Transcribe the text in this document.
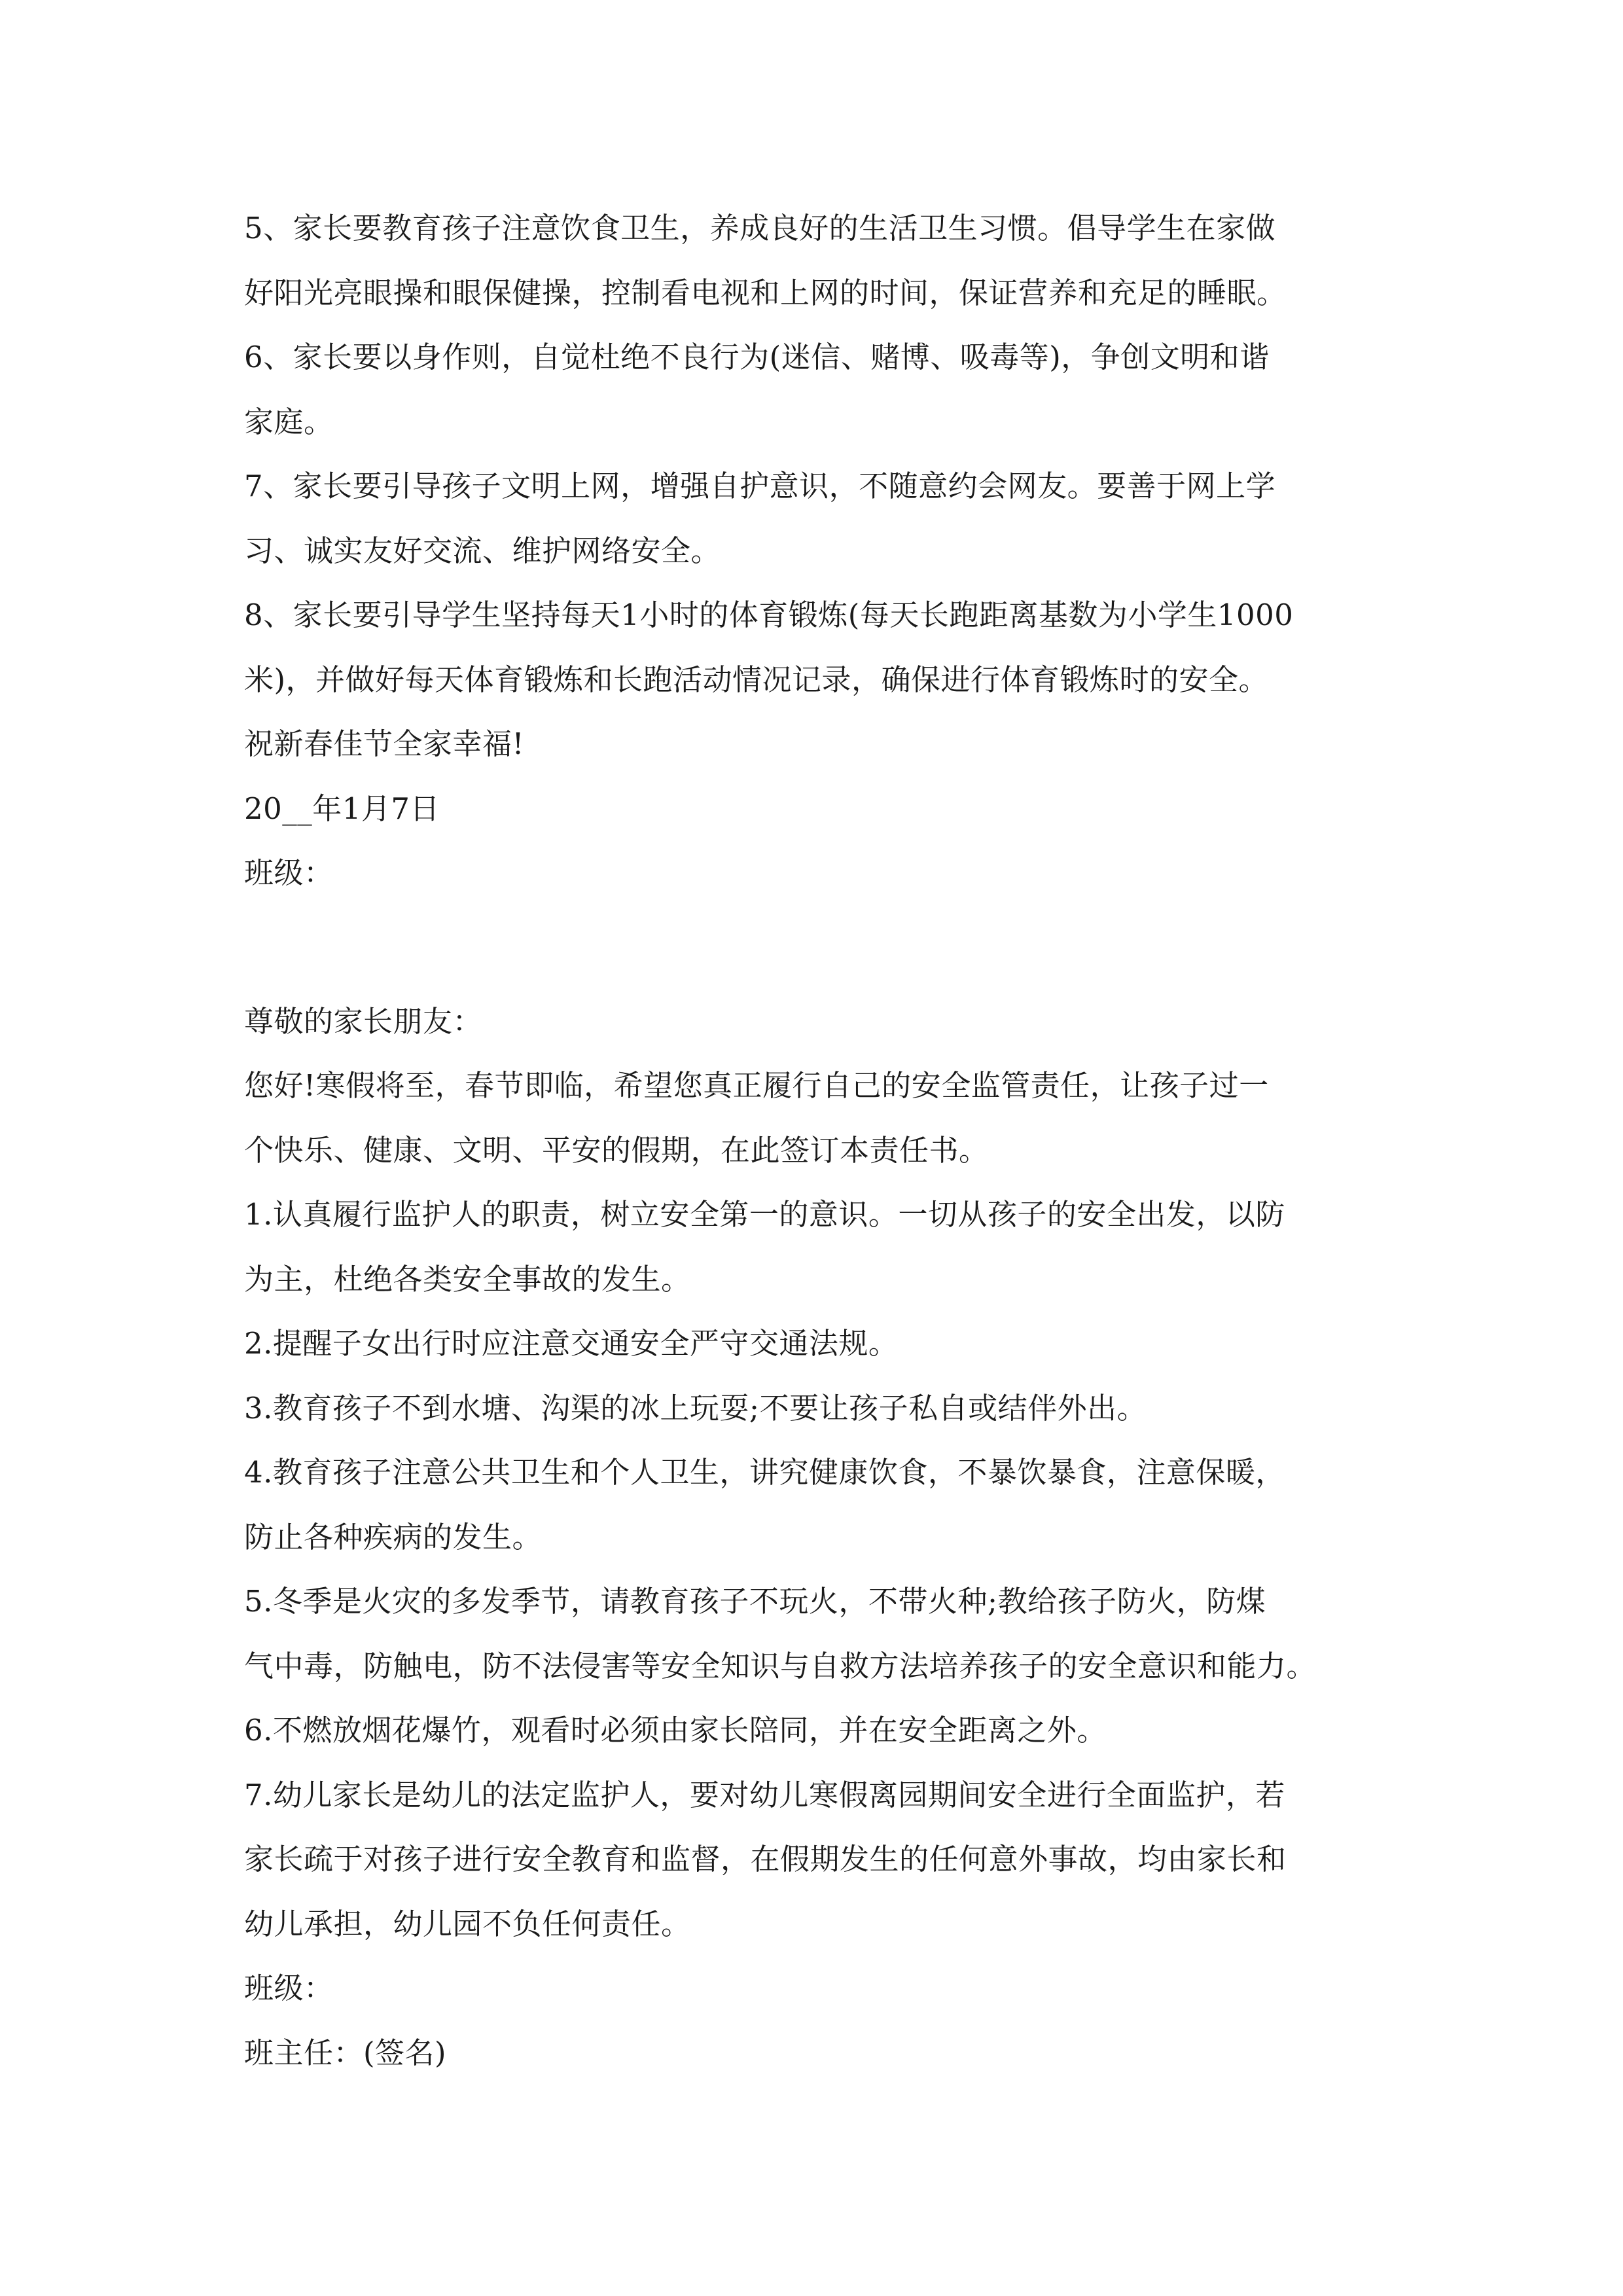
5、家长要教育孩子注意饮食卫生，养成良好的生活卫生习惯。倡导学生在家做
好阳光亮眼操和眼保健操，控制看电视和上网的时间，保证营养和充足的睡眠。
6、家长要以身作则，自觉杜绝不良行为(迷信、赌博、吸毒等)，争创文明和谐
家庭。
7、家长要引导孩子文明上网，增强自护意识，不随意约会网友。要善于网上学
习、诚实友好交流、维护网络安全。
8、家长要引导学生坚持每天1小时的体育锻炼(每天长跑距离基数为小学生1000
米)，并做好每天体育锻炼和长跑活动情况记录，确保进行体育锻炼时的安全。
祝新春佳节全家幸福!
20__年1月7日
班级：
尊敬的家长朋友：
您好!寒假将至，春节即临，希望您真正履行自己的安全监管责任，让孩子过一
个快乐、健康、文明、平安的假期，在此签订本责任书。
1.认真履行监护人的职责，树立安全第一的意识。一切从孩子的安全出发，以防
为主，杜绝各类安全事故的发生。
2.提醒子女出行时应注意交通安全严守交通法规。
3.教育孩子不到水塘、沟渠的冰上玩耍;不要让孩子私自或结伴外出。
4.教育孩子注意公共卫生和个人卫生，讲究健康饮食，不暴饮暴食，注意保暖，
防止各种疾病的发生。
5.冬季是火灾的多发季节，请教育孩子不玩火，不带火种;教给孩子防火，防煤
气中毒，防触电，防不法侵害等安全知识与自救方法培养孩子的安全意识和能力。
6.不燃放烟花爆竹，观看时必须由家长陪同，并在安全距离之外。
7.幼儿家长是幼儿的法定监护人，要对幼儿寒假离园期间安全进行全面监护，若
家长疏于对孩子进行安全教育和监督，在假期发生的任何意外事故，均由家长和
幼儿承担，幼儿园不负任何责任。
班级：
班主任：(签名)
